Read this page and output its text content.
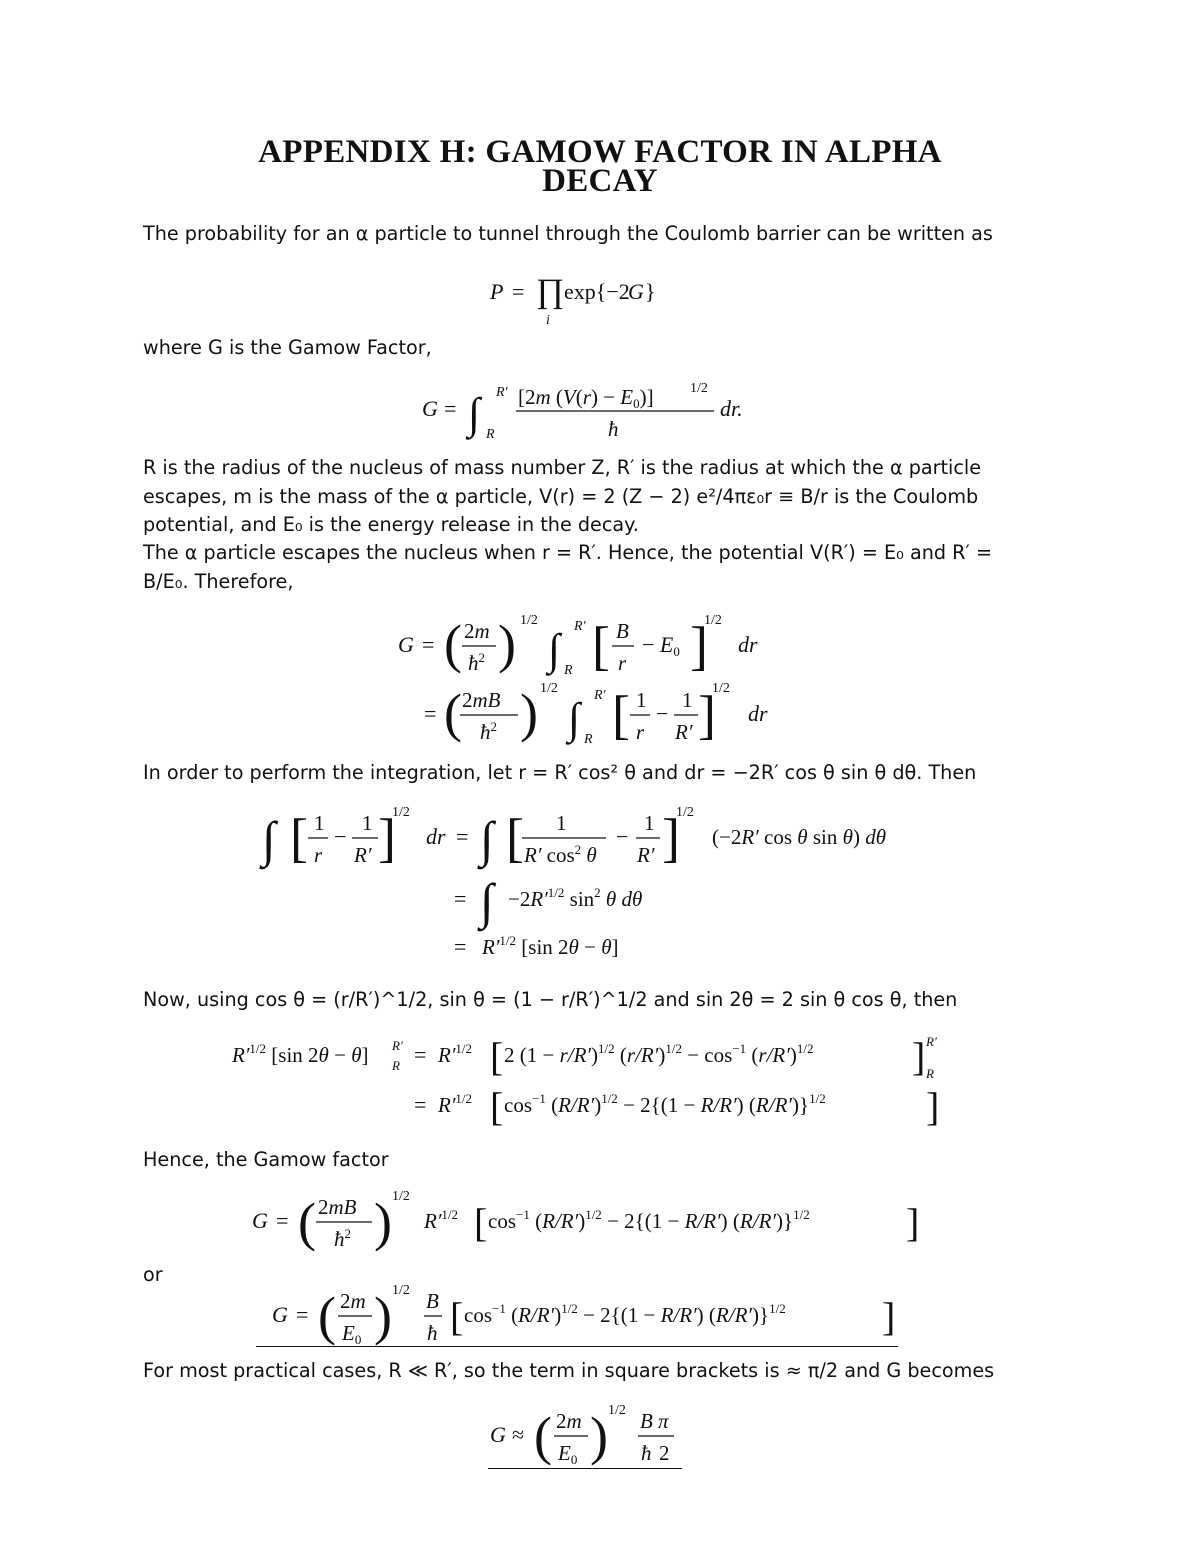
APPENDIX H: GAMOW FACTOR IN ALPHA
DECAY

The probability for an α particle to tunnel through the Coulomb barrier can be written as

P = ∏
i
exp{−2
G }

where G is the Gamow Factor,

G = ∫ R′
R
[2m (V(r) − E0)]	1/2
ħ
dr.

R is the radius of the nucleus of mass number Z, R′ is the radius at which the α particle escapes, m is the mass of the α particle, V(r) = 2 (Z − 2) e²/4πε₀r ≡ B/r is the Coulomb potential, and E₀ is the energy release in the decay.

The α particle escapes the nucleus when r = R′. Hence, the potential V(R′) = E₀ and R′ = B/E₀. Therefore,

G = ( 2m
$ħ^2$ ) 1/2
∫ R′
R [ B
r
− E0 ]
1/2
dr
= ( 2mB
$ħ^2$ ) 1/2
∫ R′
R [ 1
r
−
1
R′ ]
1/2
dr

In order to perform the integration, let r = R′ cos² θ and dr = −2R′ cos θ sin θ dθ. Then

∫ [ 1
r
−
1
R′ ]
1/2
dr = ∫ [ 1
R′ $\cos^2 \theta$
−
1
R′ ]
1/2
(−2R′ cos θ sin θ) dθ
= ∫ $-2R'^{1/2}$ $\sin^2 \theta$ dθ
= $R'^{1/2}$ [sin 2θ − θ]

Now, using cos θ = (r/R′)^1/2, sin θ = (1 − r/R′)^1/2 and sin 2θ = 2 sin θ cos θ, then

$R'^{1/2}$ [sin 2θ − θ] R′
$R = R'^{1/2}$ [ 2 $(1 - r/R')^{1/2}$ $(r/R')^{1/2} - \cos^{-1} (r/R')^{1/2}$ ] R′
R
= $R'^{1/2}$ [ $\cos^{-1} (R/R')^{1/2} - 2\{(1 - R/R')$ (R/R′)}$^{1/2}$	]

Hence, the Gamow factor

G = ( 2mB
$ħ^2$ ) 1/2
$R'^{1/2}$ [ $\cos^{-1} (R/R')^{1/2} - 2\{(1 - R/R')$ (R/R′)}$^{1/2}$ ]

or

G = ( 2m
E0 ) 1/2 B
ħ [ $\cos^{-1} (R/R')^{1/2} - 2\{(1 - R/R')$ (R/R′)}$^{1/2}$ ]

For most practical cases, R ≪ R′, so the term in square brackets is ≈ π/2 and G becomes

G ≈ ( 2m
E0 ) 1/2 B
ħ
π
2
